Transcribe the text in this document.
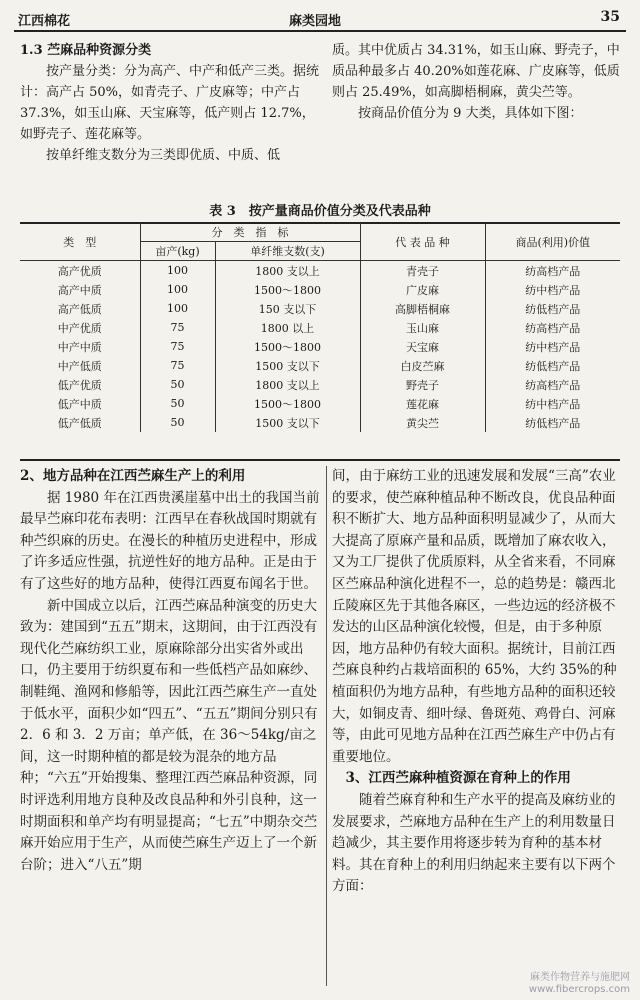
江西棉花	麻类园地	35

1.3 苎麻品种资源分类

按产量分类：分为高产、中产和低产三类。据统计：高产占 50%，如青壳子、广皮麻等；中产占 37.3%，如玉山麻、天宝麻等，低产则占 12.7%，如野壳子、莲花麻等。

按单纤维支数分为三类即优质、中质、低

质。其中优质占 34.31%，如玉山麻、野壳子，中质品种最多占 40.20%如莲花麻、广皮麻等，低质则占 25.49%，如高脚梧桐麻，黄尖苎等。

按商品价值分为 9 大类，具体如下图：

表 3　按产量商品价值分类及代表品种
类　型	分　类　指　标		代 表 品 种	商品(利用)价值
	亩产(kg)	单纤维支数(支)		
高产优质	100	1800 支以上	青壳子	纺高档产品
高产中质	100	1500～1800	广皮麻	纺中档产品
高产低质	100	150 支以下	高脚梧桐麻	纺低档产品
中产优质	75	1800 以上	玉山麻	纺高档产品
中产中质	75	1500～1800	天宝麻	纺中档产品
中产低质	75	1500 支以下	白皮苎麻	纺低档产品
低产优质	50	1800 支以上	野壳子	纺高档产品
低产中质	50	1500～1800	莲花麻	纺中档产品
低产低质	50	1500 支以下	黄尖苎	纺低档产品

2、地方品种在江西苎麻生产上的利用

据 1980 年在江西贵溪崖墓中出土的我国当前最早苎麻印花布表明：江西早在春秋战国时期就有种苎织麻的历史。在漫长的种植历史进程中，形成了许多适应性强，抗逆性好的地方品种。正是由于有了这些好的地方品种，使得江西夏布闻名于世。

新中国成立以后，江西苎麻品种演变的历史大致为：建国到“五五”期末，这期间，由于江西没有现代化苎麻纺织工业，原麻除部分出实省外或出口，仍主要用于纺织夏布和一些低档产品如麻纱、制鞋绳、渔网和修船等，因此江西苎麻生产一直处于低水平，面积少如“四五”、“五五”期间分别只有 2．6 和 3．2 万亩；单产低，在 36～54kg/亩之间，这一时期种植的都是较为混杂的地方品种；“六五”开始搜集、整理江西苎麻品种资源，同时评选利用地方良种及改良品种和外引良种，这一时期面积和单产均有明显提高；“七五”中期杂交苎麻开始应用于生产，从而使苎麻生产迈上了一个新台阶；进入“八五”期

间，由于麻纺工业的迅速发展和发展“三高”农业的要求，使苎麻种植品种不断改良，优良品种面积不断扩大、地方品种面积明显减少了，从而大大提高了原麻产量和品质，既增加了麻农收入，又为工厂提供了优质原料，从全省来看，不同麻区苎麻品种演化进程不一，总的趋势是：赣西北丘陵麻区先于其他各麻区，一些边远的经济极不发达的山区品种演化较慢，但是，由于多种原因，地方品种仍有较大面积。据统计，目前江西苎麻良种约占栽培面积的 65%，大约 35%的种植面积仍为地方品种，有些地方品种的面积还较大，如铜皮青、细叶绿、鲁斑苑、鸡骨白、河麻等，由此可见地方品种在江西苎麻生产中仍占有重要地位。

3、江西苎麻种植资源在育种上的作用

随着苎麻育种和生产水平的提高及麻纺业的发展要求，苎麻地方品种在生产上的利用数量日趋减少，其主要作用将逐步转为育种的基本材料。其在育种上的利用归纳起来主要有以下两个方面：

麻类作物营养与施肥网
www.fibercrops.com
